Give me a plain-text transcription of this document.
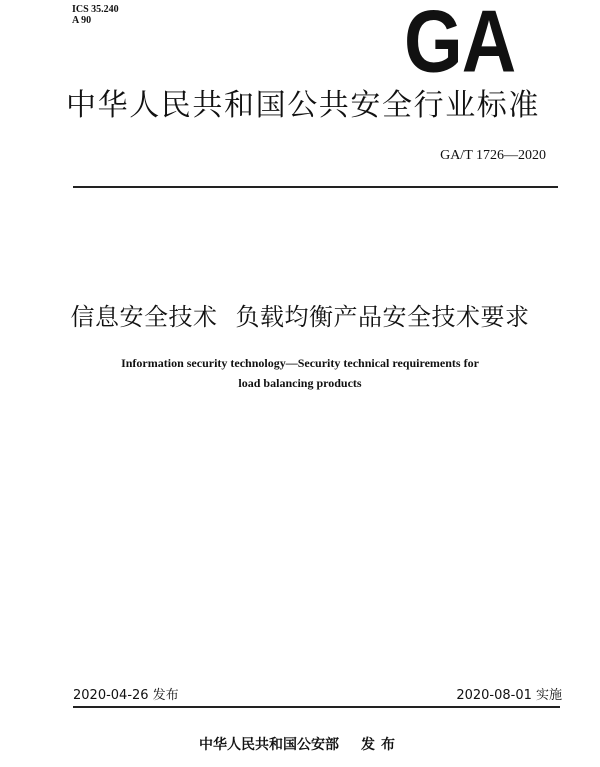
ICS 35.240
A 90	GA
中华人民共和国公共安全行业标准
GA/T 1726—2020
信息安全技术 负载均衡产品安全技术要求
Information security technology—Security technical requirements for
load balancing products
2020-04-26 发布	2020-08-01 实施
中华人民共和国公安部 发布
